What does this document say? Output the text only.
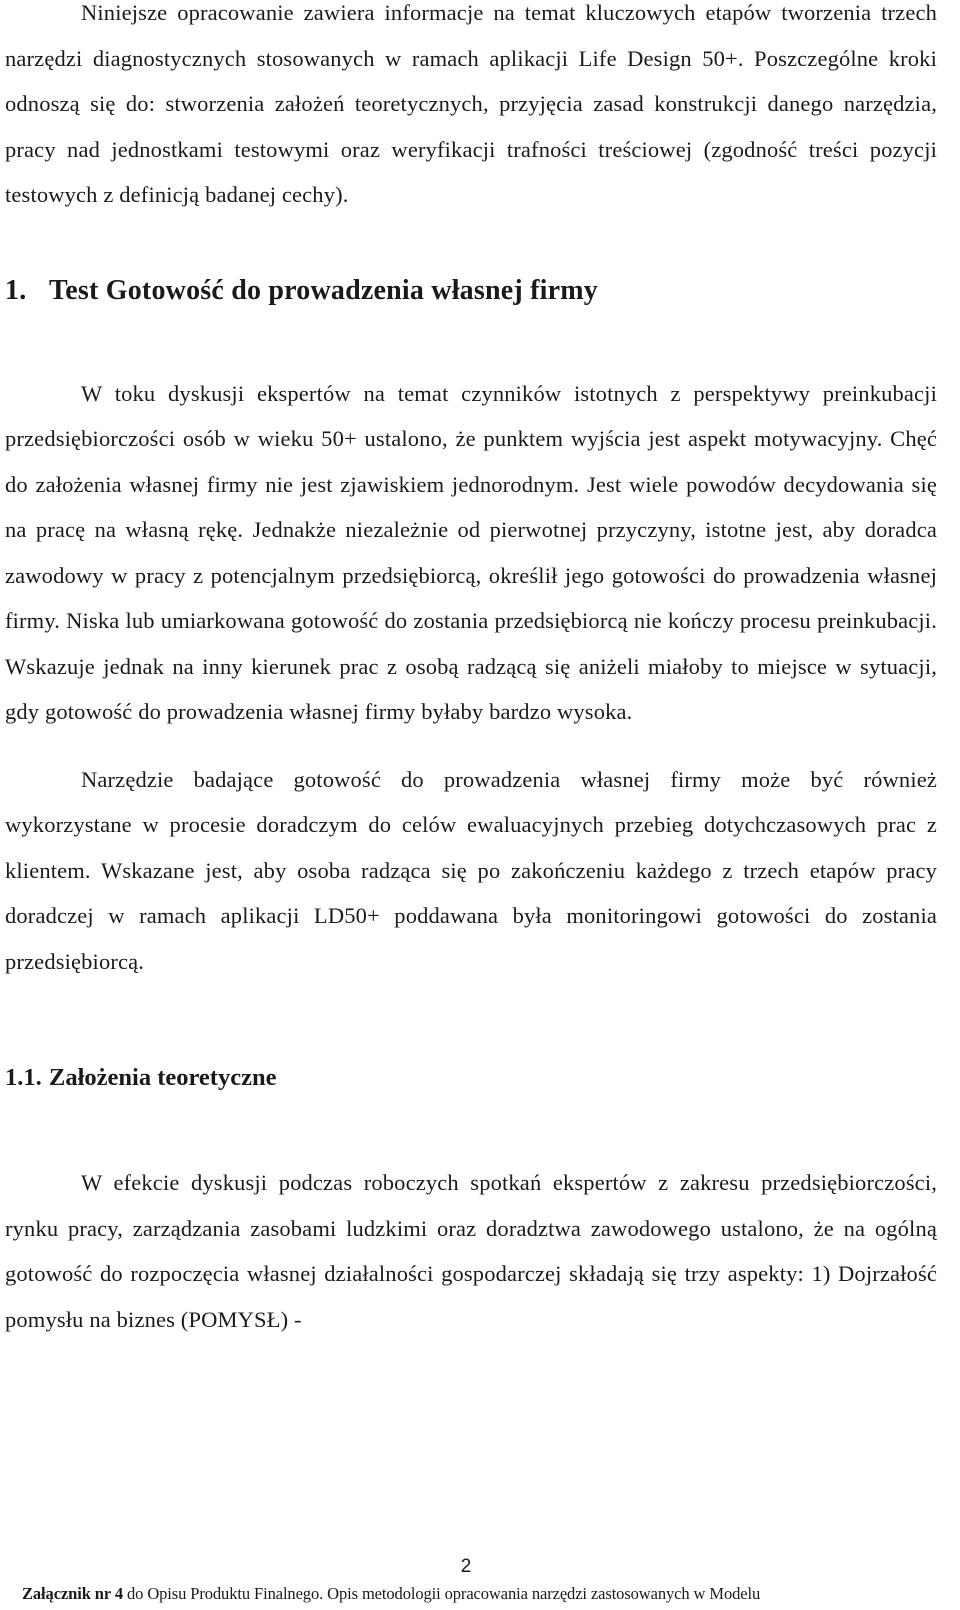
Niniejsze opracowanie zawiera informacje na temat kluczowych etapów tworzenia trzech narzędzi diagnostycznych stosowanych w ramach aplikacji Life Design 50+. Poszczególne kroki odnoszą się do: stworzenia założeń teoretycznych, przyjęcia zasad konstrukcji danego narzędzia, pracy nad jednostkami testowymi oraz weryfikacji trafności treściowej (zgodność treści pozycji testowych z definicją badanej cechy).

1. Test Gotowość do prowadzenia własnej firmy

W toku dyskusji ekspertów na temat czynników istotnych z perspektywy preinkubacji przedsiębiorczości osób w wieku 50+ ustalono, że punktem wyjścia jest aspekt motywacyjny. Chęć do założenia własnej firmy nie jest zjawiskiem jednorodnym. Jest wiele powodów decydowania się na pracę na własną rękę. Jednakże niezależnie od pierwotnej przyczyny, istotne jest, aby doradca zawodowy w pracy z potencjalnym przedsiębiorcą, określił jego gotowości do prowadzenia własnej firmy. Niska lub umiarkowana gotowość do zostania przedsiębiorcą nie kończy procesu preinkubacji. Wskazuje jednak na inny kierunek prac z osobą radzącą się aniżeli miałoby to miejsce w sytuacji, gdy gotowość do prowadzenia własnej firmy byłaby bardzo wysoka.

Narzędzie badające gotowość do prowadzenia własnej firmy może być również wykorzystane w procesie doradczym do celów ewaluacyjnych przebieg dotychczasowych prac z klientem. Wskazane jest, aby osoba radząca się po zakończeniu każdego z trzech etapów pracy doradczej w ramach aplikacji LD50+ poddawana była monitoringowi gotowości do zostania przedsiębiorcą.

1.1. Założenia teoretyczne

W efekcie dyskusji podczas roboczych spotkań ekspertów z zakresu przedsiębiorczości, rynku pracy, zarządzania zasobami ludzkimi oraz doradztwa zawodowego ustalono, że na ogólną gotowość do rozpoczęcia własnej działalności gospodarczej składają się trzy aspekty: 1) Dojrzałość pomysłu na biznes (POMYSŁ) -

2
Załącznik nr 4 do Opisu Produktu Finalnego. Opis metodologii opracowania narzędzi zastosowanych w Modelu
